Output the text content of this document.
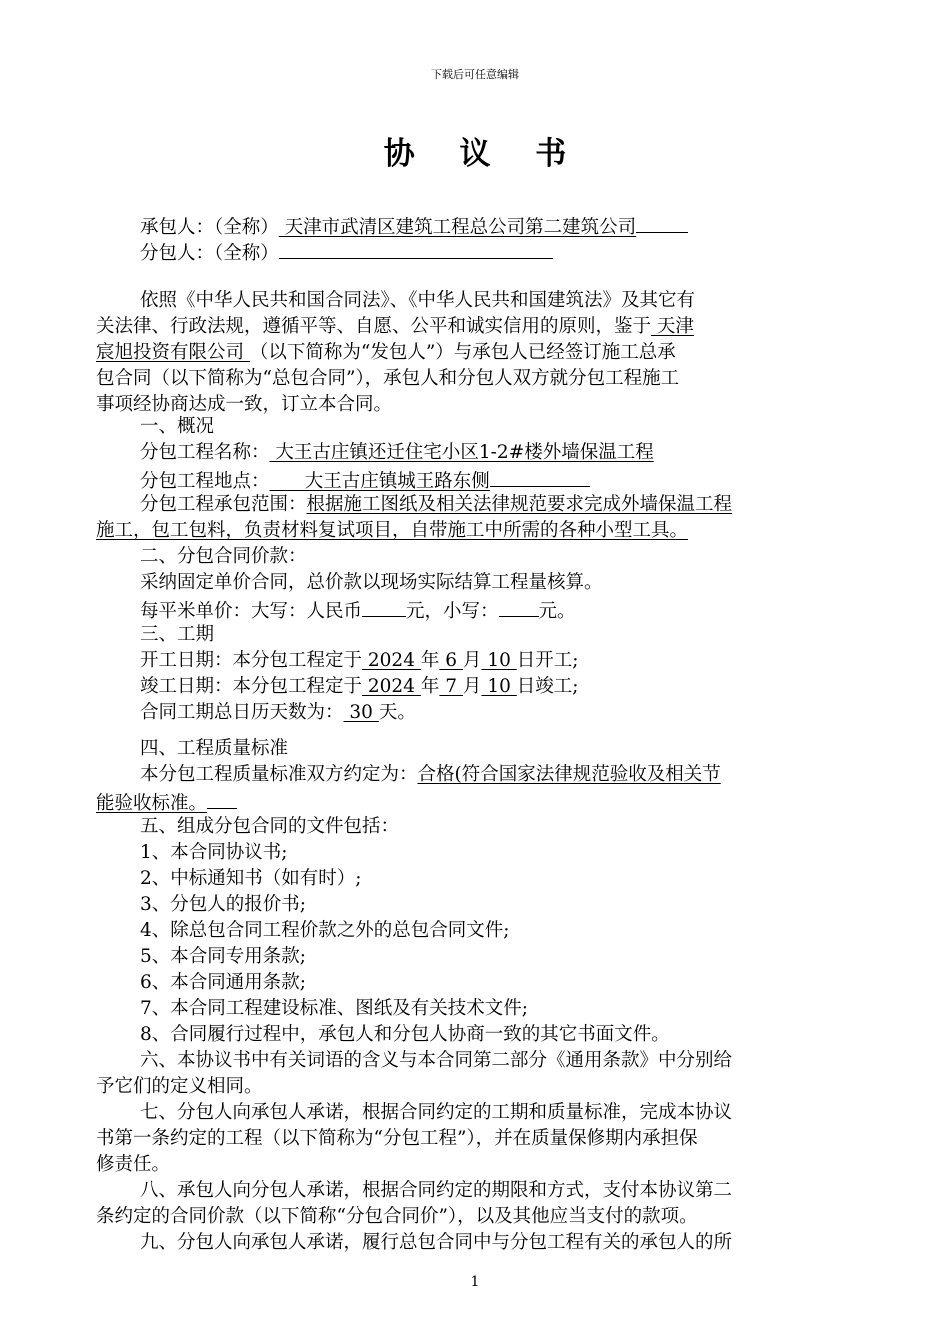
下载后可任意编辑
协 议 书
承包人：（全称） 天津市武清区建筑工程总公司第二建筑公司
分包人：（全称）
依照《中华人民共和国合同法》、《中华人民共和国建筑法》及其它有
关法律、行政法规，遵循平等、自愿、公平和诚实信用的原则，鉴于 天津
宸旭投资有限公司 （以下简称为“发包人”）与承包人已经签订施工总承
包合同（以下简称为“总包合同”），承包人和分包人双方就分包工程施工
事项经协商达成一致，订立本合同。
一、概况
分包工程名称： 大王古庄镇还迁住宅小区1-2#楼外墙保温工程
分包工程地点：      大王古庄镇城王路东侧
分包工程承包范围：根据施工图纸及相关法律规范要求完成外墙保温工程
施工，包工包料，负责材料复试项目，自带施工中所需的各种小型工具。
二、分包合同价款：
采纳固定单价合同，总价款以现场实际结算工程量核算。
每平米单价：大写：人民币 元，小写： 元。
三、工期
开工日期：本分包工程定于 2024 年 6 月 10 日开工;
竣工日期：本分包工程定于 2024 年 7 月 10 日竣工;
合同工期总日历天数为： 30 天。
四、工程质量标准
本分包工程质量标准双方约定为：合格(符合国家法律规范验收及相关节
能验收标准。
五、组成分包合同的文件包括：
1、本合同协议书;
2、中标通知书（如有时）;
3、分包人的报价书;
4、除总包合同工程价款之外的总包合同文件;
5、本合同专用条款;
6、本合同通用条款;
7、本合同工程建设标准、图纸及有关技术文件;
8、合同履行过程中，承包人和分包人协商一致的其它书面文件。
六、本协议书中有关词语的含义与本合同第二部分《通用条款》中分别给
予它们的定义相同。
七、分包人向承包人承诺，根据合同约定的工期和质量标准，完成本协议
书第一条约定的工程（以下简称为“分包工程”），并在质量保修期内承担保
修责任。
八、承包人向分包人承诺，根据合同约定的期限和方式，支付本协议第二
条约定的合同价款（以下简称“分包合同价”），以及其他应当支付的款项。
九、分包人向承包人承诺，履行总包合同中与分包工程有关的承包人的所
1
